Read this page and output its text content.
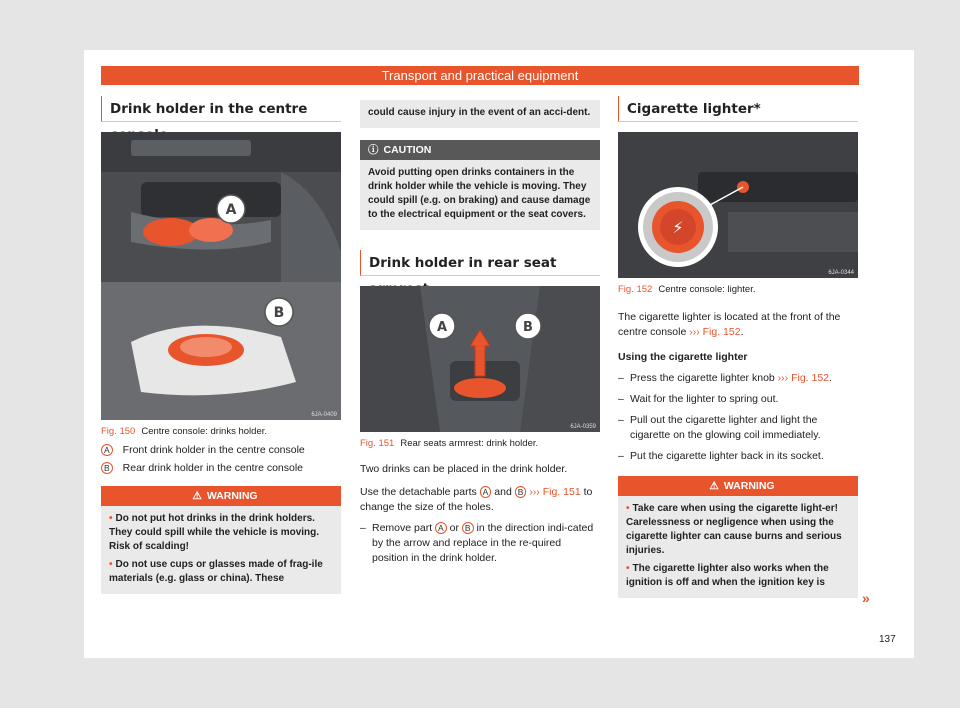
Transport and practical equipment
Drink holder in the centre
A
B
6JA-0409
Fig. 150 Centre console: drinks holder.
A Front drink holder in the centre console
B Rear drink holder in the centre console
⚠ WARNING
• Do not put hot drinks in the drink holders. They could spill while the vehicle is moving. Risk of scalding!
• Do not use cups or glasses made of frag-ile materials (e.g. glass or china). These
could cause injury in the event of an acci-dent.
ⓘ CAUTION
Avoid putting open drinks containers in the drink holder while the vehicle is moving. They could spill (e.g. on braking) and cause damage to the electrical equipment or the seat covers.
Drink holder in rear seat
A	B
6JA-0359
Fig. 151 Rear seats armrest: drink holder.
Two drinks can be placed in the drink holder.
Use the detachable parts A and B ››› Fig. 151 to change the size of the holes.
– Remove part A or B in the direction indi-cated by the arrow and replace in the re-quired position in the drink holder.
Cigarette lighter*
⚡
6JA-0344
Fig. 152 Centre console: lighter.
The cigarette lighter is located at the front of the centre console ››› Fig. 152.
Using the cigarette lighter
– Press the cigarette lighter knob ››› Fig. 152.
– Wait for the lighter to spring out.
– Pull out the cigarette lighter and light the cigarette on the glowing coil immediately.
– Put the cigarette lighter back in its socket.
⚠ WARNING
• Take care when using the cigarette light-er! Carelessness or negligence when using the cigarette lighter can cause burns and serious injuries.
• The cigarette lighter also works when the ignition is off and when the ignition key is
»
137
